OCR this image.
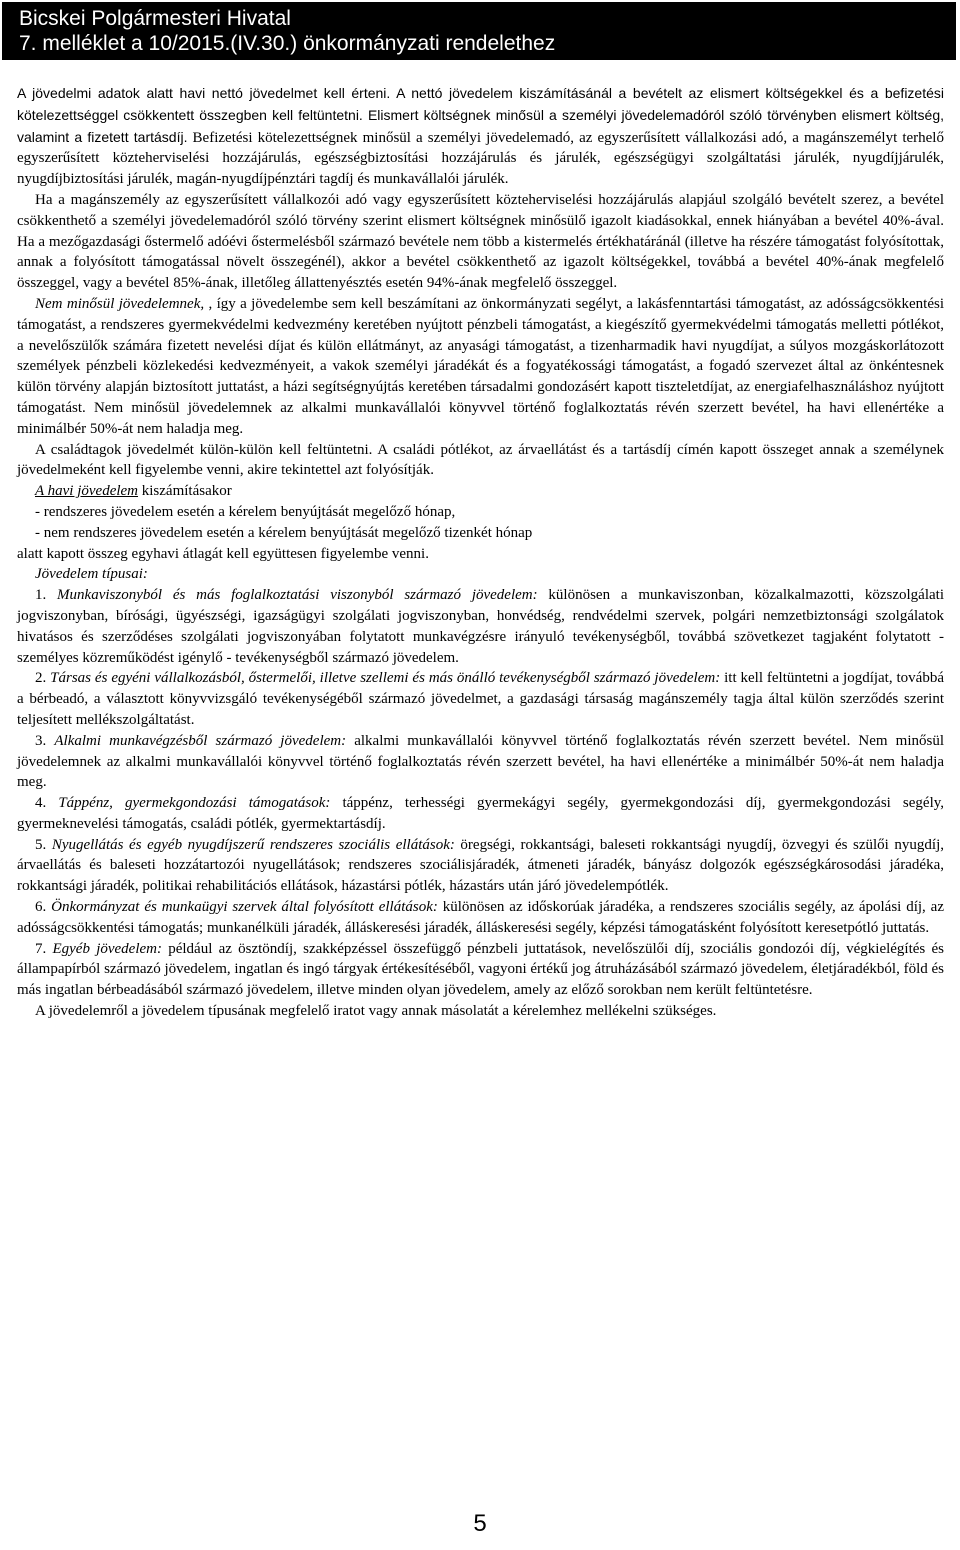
Bicskei Polgármesteri Hivatal
7. melléklet a 10/2015.(IV.30.) önkormányzati rendelethez

A jövedelmi adatok alatt havi nettó jövedelmet kell érteni. A nettó jövedelem kiszámításánál a bevételt az elismert költségekkel és a befizetési kötelezettséggel csökkentett összegben kell feltüntetni. Elismert költségnek minősül a személyi jövedelemadóról szóló törvényben elismert költség, valamint a fizetett tartásdíj. Befizetési kötelezettségnek minősül a személyi jövedelemadó, az egyszerűsített vállalkozási adó, a magánszemélyt terhelő egyszerűsített közteherviselési hozzájárulás, egészségbiztosítási hozzájárulás és járulék, egészségügyi szolgáltatási járulék, nyugdíjjárulék, nyugdíjbiztosítási járulék, magán-nyugdíjpénztári tagdíj és munkavállalói járulék.

Ha a magánszemély az egyszerűsített vállalkozói adó vagy egyszerűsített közteherviselési hozzájárulás alapjául szolgáló bevételt szerez, a bevétel csökkenthető a személyi jövedelemadóról szóló törvény szerint elismert költségnek minősülő igazolt kiadásokkal, ennek hiányában a bevétel 40%-ával. Ha a mezőgazdasági őstermelő adóévi őstermelésből származó bevétele nem több a kistermelés értékhatáránál (illetve ha részére támogatást folyósítottak, annak a folyósított támogatással növelt összegénél), akkor a bevétel csökkenthető az igazolt költségekkel, továbbá a bevétel 40%-ának megfelelő összeggel, vagy a bevétel 85%-ának, illetőleg állattenyésztés esetén 94%-ának megfelelő összeggel.

Nem minősül jövedelemnek, , így a jövedelembe sem kell beszámítani az önkormányzati segélyt, a lakásfenntartási támogatást, az adósságcsökkentési támogatást, a rendszeres gyermekvédelmi kedvezmény keretében nyújtott pénzbeli támogatást, a kiegészítő gyermekvédelmi támogatás melletti pótlékot, a nevelőszülők számára fizetett nevelési díjat és külön ellátmányt, az anyasági támogatást, a tizenharmadik havi nyugdíjat, a súlyos mozgáskorlátozott személyek pénzbeli közlekedési kedvezményeit, a vakok személyi járadékát és a fogyatékossági támogatást, a fogadó szervezet által az önkéntesnek külön törvény alapján biztosított juttatást, a házi segítségnyújtás keretében társadalmi gondozásért kapott tiszteletdíjat, az energiafelhasználáshoz nyújtott támogatást. Nem minősül jövedelemnek az alkalmi munkavállalói könyvvel történő foglalkoztatás révén szerzett bevétel, ha havi ellenértéke a minimálbér 50%-át nem haladja meg.

A családtagok jövedelmét külön-külön kell feltüntetni. A családi pótlékot, az árvaellátást és a tartásdíj címén kapott összeget annak a személynek jövedelmeként kell figyelembe venni, akire tekintettel azt folyósítják.

A havi jövedelem kiszámításakor

- rendszeres jövedelem esetén a kérelem benyújtását megelőző hónap,

- nem rendszeres jövedelem esetén a kérelem benyújtását megelőző tizenkét hónap

alatt kapott összeg egyhavi átlagát kell együttesen figyelembe venni.

Jövedelem típusai:

1. Munkaviszonyból és más foglalkoztatási viszonyból származó jövedelem: különösen a munkaviszonban, közalkalmazotti, közszolgálati jogviszonyban, bírósági, ügyészségi, igazságügyi szolgálati jogviszonyban, honvédség, rendvédelmi szervek, polgári nemzetbiztonsági szolgálatok hivatásos és szerződéses szolgálati jogviszonyában folytatott munkavégzésre irányuló tevékenységből, továbbá szövetkezet tagjaként folytatott - személyes közreműködést igénylő - tevékenységből származó jövedelem.

2. Társas és egyéni vállalkozásból, őstermelői, illetve szellemi és más önálló tevékenységből származó jövedelem: itt kell feltüntetni a jogdíjat, továbbá a bérbeadó, a választott könyvvizsgáló tevékenységéből származó jövedelmet, a gazdasági társaság magánszemély tagja által külön szerződés szerint teljesített mellékszolgáltatást.

3. Alkalmi munkavégzésből származó jövedelem: alkalmi munkavállalói könyvvel történő foglalkoztatás révén szerzett bevétel. Nem minősül jövedelemnek az alkalmi munkavállalói könyvvel történő foglalkoztatás révén szerzett bevétel, ha havi ellenértéke a minimálbér 50%-át nem haladja meg.

4. Táppénz, gyermekgondozási támogatások: táppénz, terhességi gyermekágyi segély, gyermekgondozási díj, gyermekgondozási segély, gyermeknevelési támogatás, családi pótlék, gyermektartásdíj.

5. Nyugellátás és egyéb nyugdíjszerű rendszeres szociális ellátások: öregségi, rokkantsági, baleseti rokkantsági nyugdíj, özvegyi és szülői nyugdíj, árvaellátás és baleseti hozzátartozói nyugellátások; rendszeres szociálisjáradék, átmeneti járadék, bányász dolgozók egészségkárosodási járadéka, rokkantsági járadék, politikai rehabilitációs ellátások, házastársi pótlék, házastárs után járó jövedelempótlék.

6. Önkormányzat és munkaügyi szervek által folyósított ellátások: különösen az időskorúak járadéka, a rendszeres szociális segély, az ápolási díj, az adósságcsökkentési támogatás; munkanélküli járadék, álláskeresési járadék, álláskeresési segély, képzési támogatásként folyósított keresetpótló juttatás.

7. Egyéb jövedelem: például az ösztöndíj, szakképzéssel összefüggő pénzbeli juttatások, nevelőszülői díj, szociális gondozói díj, végkielégítés és állampapírból származó jövedelem, ingatlan és ingó tárgyak értékesítéséből, vagyoni értékű jog átruházásából származó jövedelem, életjáradékból, föld és más ingatlan bérbeadásából származó jövedelem, illetve minden olyan jövedelem, amely az előző sorokban nem került feltüntetésre.

A jövedelemről a jövedelem típusának megfelelő iratot vagy annak másolatát a kérelemhez mellékelni szükséges.

5
